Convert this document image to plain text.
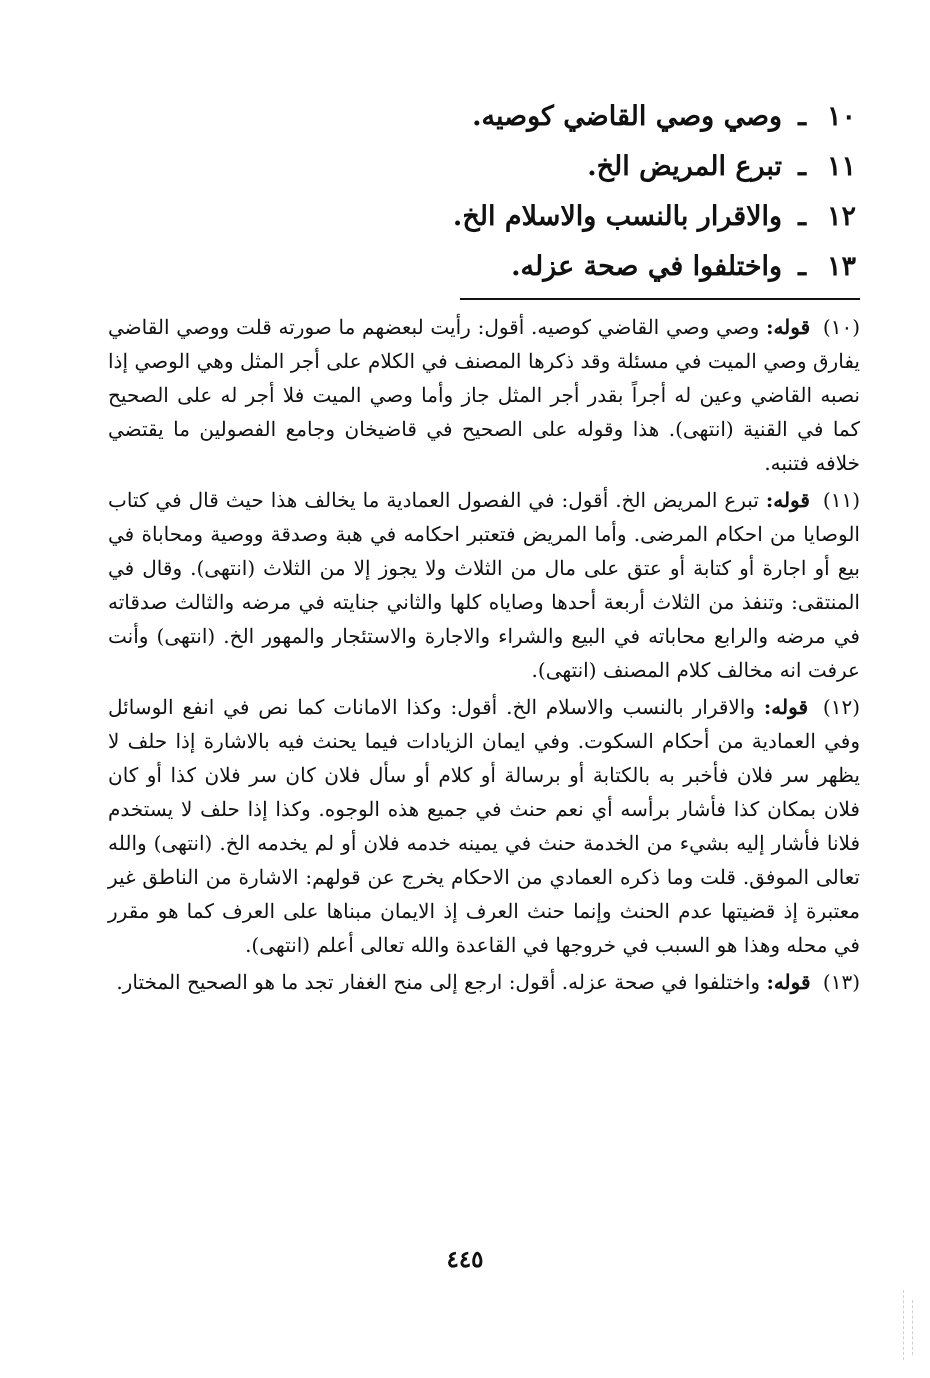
١٠ـوصي وصي القاضي كوصيه.
١١ـتبرع المريض الخ.
١٢ـوالاقرار بالنسب والاسلام الخ.
١٣ـواختلفوا في صحة عزله.

(١٠) قوله: وصي وصي القاضي كوصيه. أقول: رأيت لبعضهم ما صورته قلت ووصي القاضي يفارق وصي الميت في مسئلة وقد ذكرها المصنف في الكلام على أجر المثل وهي الوصي إذا نصبه القاضي وعين له أجراً بقدر أجر المثل جاز وأما وصي الميت فلا أجر له على الصحيح كما في القنية (انتهى). هذا وقوله على الصحيح في قاضيخان وجامع الفصولين ما يقتضي خلافه فتنبه.

(١١) قوله: تبرع المريض الخ. أقول: في الفصول العمادية ما يخالف هذا حيث قال في كتاب الوصايا من احكام المرضى. وأما المريض فتعتبر احكامه في هبة وصدقة ووصية ومحاباة في بيع أو اجارة أو كتابة أو عتق على مال من الثلاث ولا يجوز إلا من الثلاث (انتهى). وقال في المنتقى: وتنفذ من الثلاث أربعة أحدها وصاياه كلها والثاني جنايته في مرضه والثالث صدقاته في مرضه والرابع محاباته في البيع والشراء والاجارة والاستئجار والمهور الخ. (انتهى) وأنت عرفت انه مخالف كلام المصنف (انتهى).

(١٢) قوله: والاقرار بالنسب والاسلام الخ. أقول: وكذا الامانات كما نص في انفع الوسائل وفي العمادية من أحكام السكوت. وفي ايمان الزيادات فيما يحنث فيه بالاشارة إذا حلف لا يظهر سر فلان فأخبر به بالكتابة أو برسالة أو كلام أو سأل فلان كان سر فلان كذا أو كان فلان بمكان كذا فأشار برأسه أي نعم حنث في جميع هذه الوجوه. وكذا إذا حلف لا يستخدم فلانا فأشار إليه بشيء من الخدمة حنث في يمينه خدمه فلان أو لم يخدمه الخ. (انتهى) والله تعالى الموفق. قلت وما ذكره العمادي من الاحكام يخرج عن قولهم: الاشارة من الناطق غير معتبرة إذ قضيتها عدم الحنث وإنما حنث العرف إذ الايمان مبناها على العرف كما هو مقرر في محله وهذا هو السبب في خروجها في القاعدة والله تعالى أعلم (انتهى).

(١٣) قوله: واختلفوا في صحة عزله. أقول: ارجع إلى منح الغفار تجد ما هو الصحيح المختار.

٤٤٥
